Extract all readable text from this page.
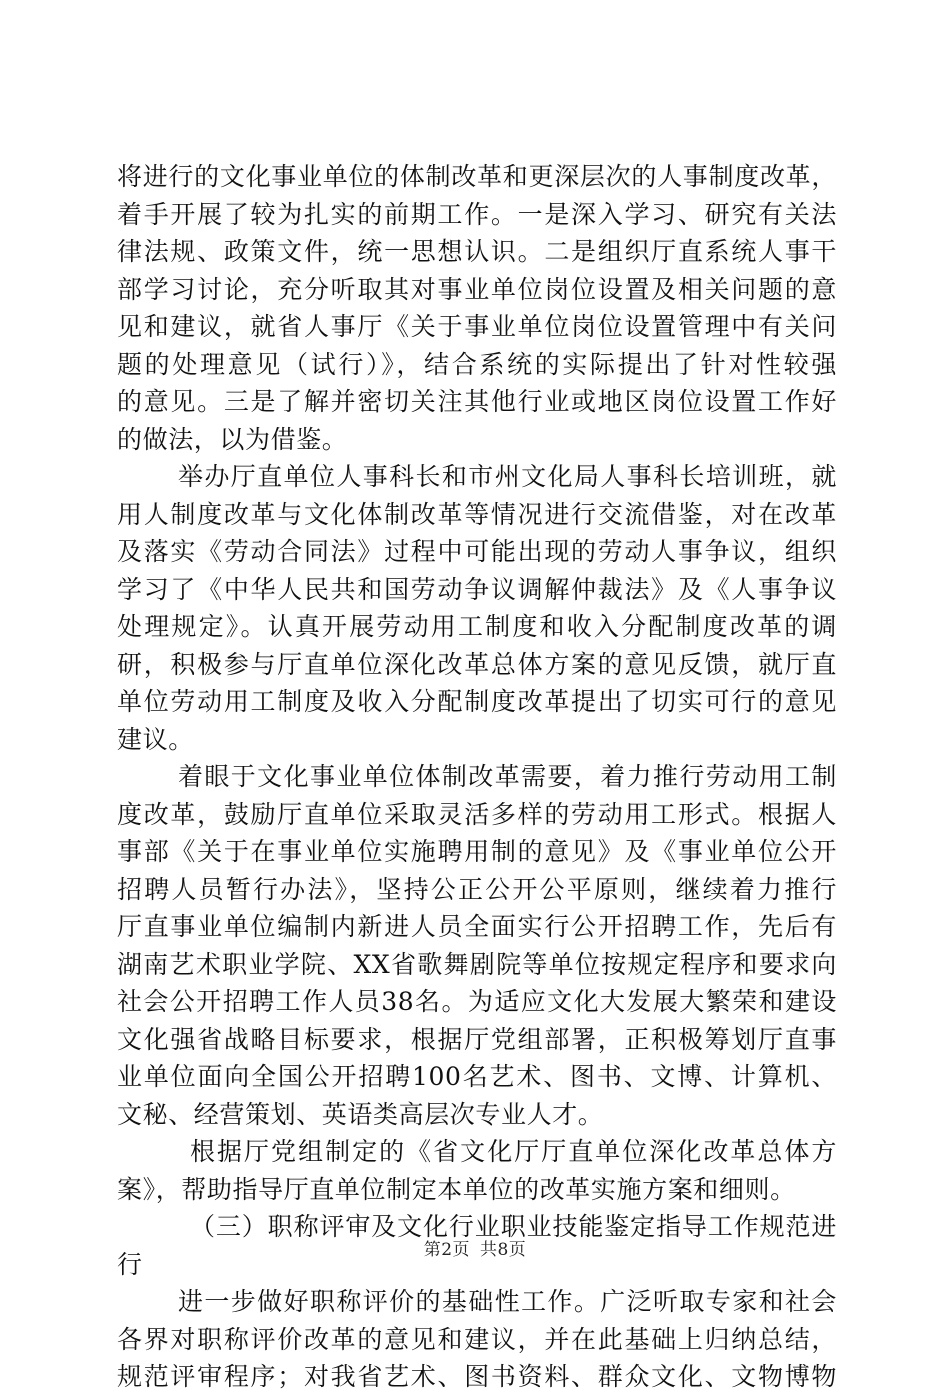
将进行的文化事业单位的体制改革和更深层次的人事制度改革，
着手开展了较为扎实的前期工作。一是深入学习、研究有关法
律法规、政策文件，统一思想认识。二是组织厅直系统人事干
部学习讨论，充分听取其对事业单位岗位设置及相关问题的意
见和建议，就省人事厅《关于事业单位岗位设置管理中有关问
题的处理意见（试行）》，结合系统的实际提出了针对性较强
的意见。三是了解并密切关注其他行业或地区岗位设置工作好
的做法，以为借鉴。
举办厅直单位人事科长和市州文化局人事科长培训班，就
用人制度改革与文化体制改革等情况进行交流借鉴，对在改革
及落实《劳动合同法》过程中可能出现的劳动人事争议，组织
学习了《中华人民共和国劳动争议调解仲裁法》及《人事争议
处理规定》。认真开展劳动用工制度和收入分配制度改革的调
研，积极参与厅直单位深化改革总体方案的意见反馈，就厅直
单位劳动用工制度及收入分配制度改革提出了切实可行的意见
建议。
着眼于文化事业单位体制改革需要，着力推行劳动用工制
度改革，鼓励厅直单位采取灵活多样的劳动用工形式。根据人
事部《关于在事业单位实施聘用制的意见》及《事业单位公开
招聘人员暂行办法》，坚持公正公开公平原则，继续着力推行
厅直事业单位编制内新进人员全面实行公开招聘工作，先后有
湖南艺术职业学院、XX省歌舞剧院等单位按规定程序和要求向
社会公开招聘工作人员38名。为适应文化大发展大繁荣和建设
文化强省战略目标要求，根据厅党组部署，正积极筹划厅直事
业单位面向全国公开招聘100名艺术、图书、文博、计算机、
文秘、经营策划、英语类高层次专业人才。
根据厅党组制定的《省文化厅厅直单位深化改革总体方
案》，帮助指导厅直单位制定本单位的改革实施方案和细则。
（三）职称评审及文化行业职业技能鉴定指导工作规范进
行
进一步做好职称评价的基础性工作。广泛听取专家和社会
各界对职称评价改革的意见和建议，并在此基础上归纳总结，
规范评审程序；对我省艺术、图书资料、群众文化、文物博物
第2页 共8页
